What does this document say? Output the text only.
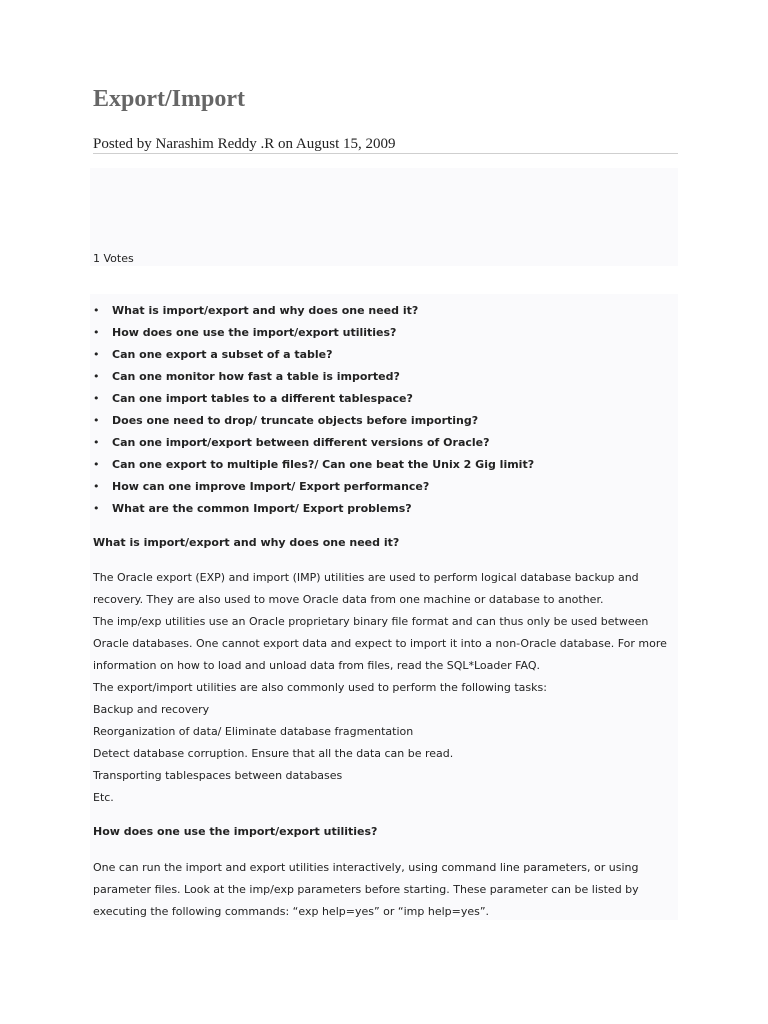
Export/Import

Posted by Narashim Reddy .R on August 15, 2009

1 Votes
• What is import/export and why does one need it?
• How does one use the import/export utilities?
• Can one export a subset of a table?
• Can one monitor how fast a table is imported?
• Can one import tables to a different tablespace?
• Does one need to drop/ truncate objects before importing?
• Can one import/export between different versions of Oracle?
• Can one export to multiple files?/ Can one beat the Unix 2 Gig limit?
• How can one improve Import/ Export performance?
• What are the common Import/ Export problems?
What is import/export and why does one need it?
The Oracle export (EXP) and import (IMP) utilities are used to perform logical database backup and
recovery. They are also used to move Oracle data from one machine or database to another.
The imp/exp utilities use an Oracle proprietary binary file format and can thus only be used between
Oracle databases. One cannot export data and expect to import it into a non-Oracle database. For more
information on how to load and unload data from files, read the SQL*Loader FAQ.
The export/import utilities are also commonly used to perform the following tasks:
Backup and recovery
Reorganization of data/ Eliminate database fragmentation
Detect database corruption. Ensure that all the data can be read.
Transporting tablespaces between databases
Etc.
How does one use the import/export utilities?
One can run the import and export utilities interactively, using command line parameters, or using
parameter files. Look at the imp/exp parameters before starting. These parameter can be listed by
executing the following commands: “exp help=yes” or “imp help=yes”.
